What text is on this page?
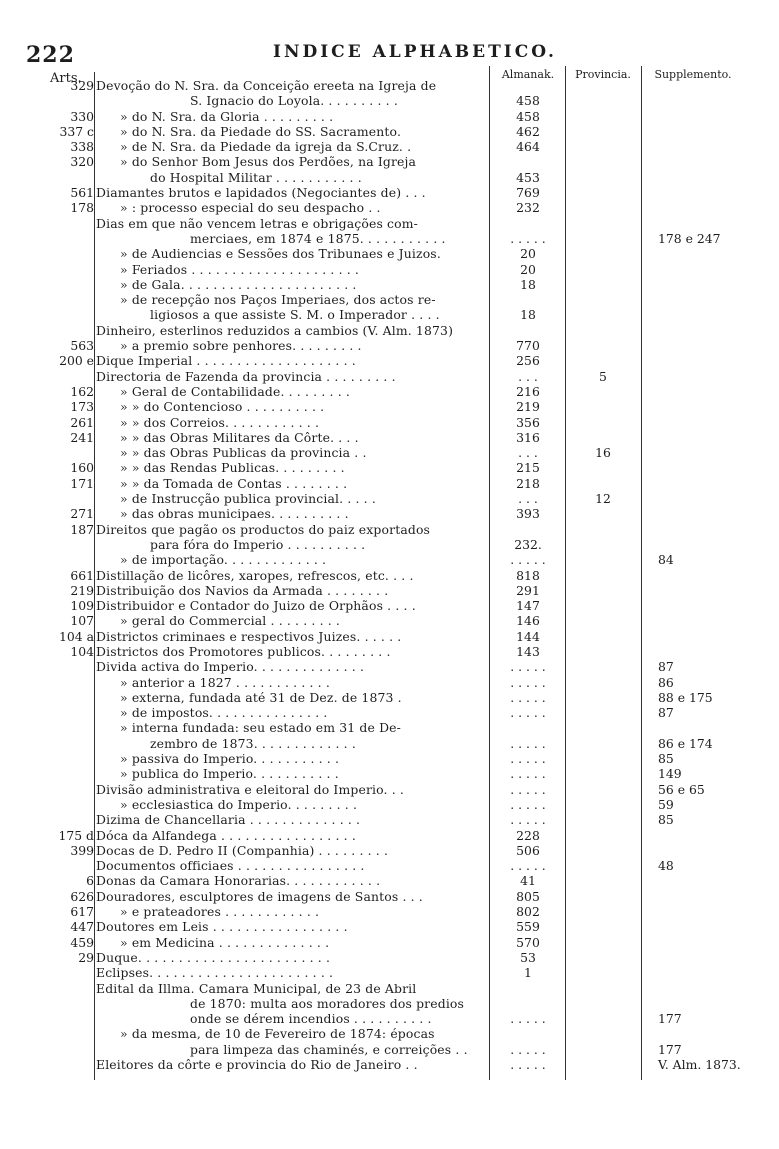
222	INDICE ALPHABETICO.
Arts.	Almanak.	Provincia.	Supplemento.
329 Devoção do N. Sra. da Conceição ereeta na Igreja de
S. Ignacio do Loyola. . . . . . . . . .	458
330 » do N. Sra. da Gloria . . . . . . . . .	458
337 c » do N. Sra. da Piedade do SS. Sacramento.	462
338 » de N. Sra. da Piedade da igreja da S.Cruz. .	464
320 » do Senhor Bom Jesus dos Perdões, na Igreja
do Hospital Militar . . . . . . . . . . .	453
561 Diamantes brutos e lapidados (Negociantes de) . . .	769
178 » : processo especial do seu despacho . .	232
Dias em que não vencem letras e obrigações com-
merciaes, em 1874 e 1875. . . . . . . . . . .	. . . . .	178 e 247
» de Audiencias e Sessões dos Tribunaes e Juizos.	20
» Feriados . . . . . . . . . . . . . . . . . . . . .	20
» de Gala. . . . . . . . . . . . . . . . . . . . . .	18
» de recepção nos Paços Imperiaes, dos actos re-
ligiosos a que assiste S. M. o Imperador . . . .	18
Dinheiro, esterlinos reduzidos a cambios (V. Alm. 1873)
563 » a premio sobre penhores. . . . . . . . .	770
200 e Dique Imperial . . . . . . . . . . . . . . . . . . . .	256
Directoria de Fazenda da provincia . . . . . . . . .	. . .	5
162 » Geral de Contabilidade. . . . . . . . .	216
173 » » do Contencioso . . . . . . . . . .	219
261 » » dos Correios. . . . . . . . . . . .	356
241 » » das Obras Militares da Côrte. . . .	316
» » das Obras Publicas da provincia . .	. . .	16
160 » » das Rendas Publicas. . . . . . . . .	215
171 » » da Tomada de Contas . . . . . . . .	218
» de Instrucção publica provincial. . . . .	. . .	12
271 » das obras municipaes. . . . . . . . . .	393
187 Direitos que pagão os productos do paiz exportados
para fóra do Imperio . . . . . . . . . .	232.
» de importação. . . . . . . . . . . . .	. . . . .	84
661 Distillação de licôres, xaropes, refrescos, etc. . . .	818
219 Distribuição dos Navios da Armada . . . . . . . .	291
109 Distribuidor e Contador do Juizo de Orphãos . . . .	147
107 » geral do Commercial . . . . . . . . .	146
104 a Districtos criminaes e respectivos Juizes. . . . . .	144
104 Districtos dos Promotores publicos. . . . . . . . .	143
Divida activa do Imperio. . . . . . . . . . . . . .	. . . . .	87
» anterior a 1827 . . . . . . . . . . . .	. . . . .	86
» externa, fundada até 31 de Dez. de 1873 .	. . . . .	88 e 175
» de impostos. . . . . . . . . . . . . . .	. . . . .	87
» interna fundada: seu estado em 31 de De-
zembro de 1873. . . . . . . . . . . . .	. . . . .	86 e 174
» passiva do Imperio. . . . . . . . . . .	. . . . .	85
» publica do Imperio. . . . . . . . . . .	. . . . .	149
Divisão administrativa e eleitoral do Imperio. . .	. . . . .	56 e 65
» ecclesiastica do Imperio. . . . . . . . .	. . . . .	59
Dizima de Chancellaria . . . . . . . . . . . . . .	. . . . .	85
175 d Dóca da Alfandega . . . . . . . . . . . . . . . . .	228
399 Docas de D. Pedro II (Companhia) . . . . . . . . .	506
Documentos officiaes . . . . . . . . . . . . . . . .	. . . . .	48
6 Donas da Camara Honorarias. . . . . . . . . . . .	41
626 Douradores, esculptores de imagens de Santos . . .	805
617 » e prateadores . . . . . . . . . . . .	802
447 Doutores em Leis . . . . . . . . . . . . . . . . .	559
459 » em Medicina . . . . . . . . . . . . . .	570
29 Duque. . . . . . . . . . . . . . . . . . . . . . . .	53
Eclipses. . . . . . . . . . . . . . . . . . . . . . .	1
Edital da Illma. Camara Municipal, de 23 de Abril
de 1870: multa aos moradores dos predios
onde se dérem incendios . . . . . . . . . .	. . . . .	177
» da mesma, de 10 de Fevereiro de 1874: épocas
para limpeza das chaminés, e correições . .	. . . . .	177
Eleitores da côrte e provincia do Rio de Janeiro . .	. . . . .	V. Alm. 1873.
